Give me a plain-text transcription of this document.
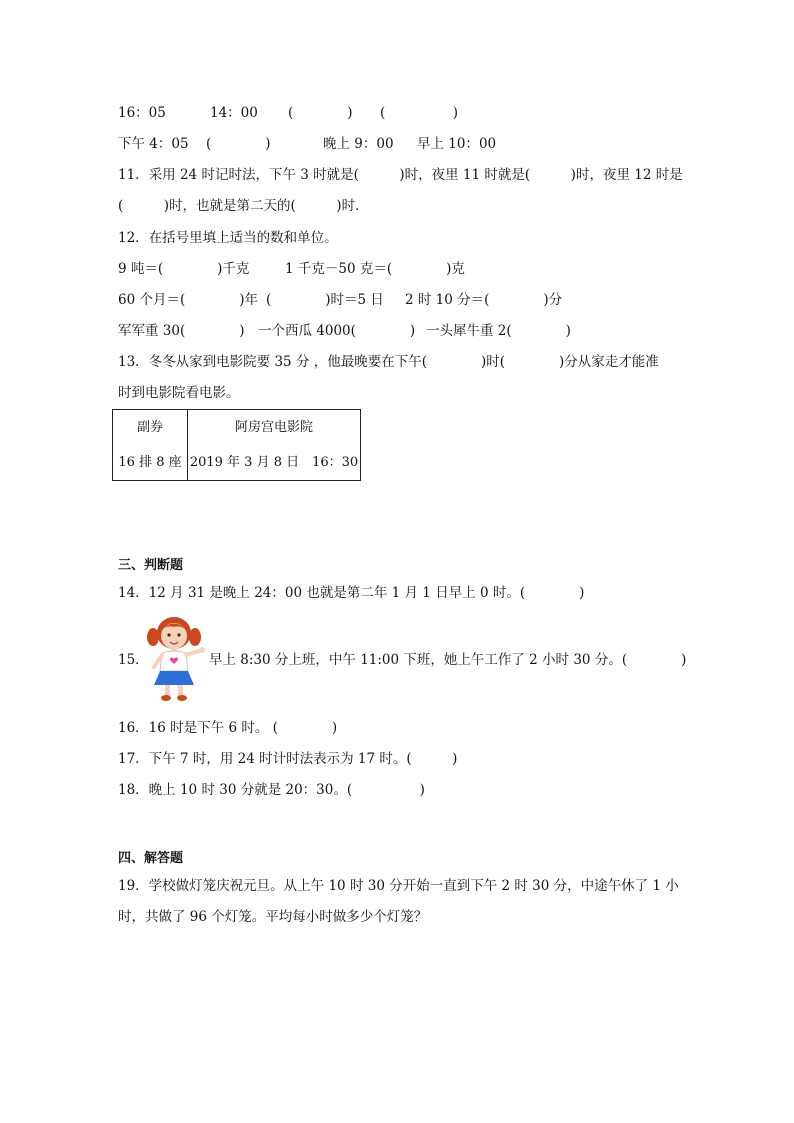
16：05	14：00 (　　　　) (　　　　　)
下午 4：05 (　　　　)	晚上 9：00 早上 10：00
11．采用 24 时记时法，下午 3 时就是(　　　)时，夜里 11 时就是(　　　)时，夜里 12 时是
(　　　)时，也就是第二天的(　　　)时．
12．在括号里填上适当的数和单位。
9 吨＝(　　　　)千克	1 千克－50 克＝(　　　　)克
60 个月＝(　　　　)年 (　　　　)时＝5 日 2 时 10 分＝(　　　　)分
军军重 30(　　　　) 一个西瓜 4000(　　　　) 一头犀牛重 2(　　　　)
13．冬冬从家到电影院要 35 分 ，他最晚要在下午(　　　　)时(　　　　)分从家走才能准
时到电影院看电影。
副券	阿房宫电影院
16 排 8 座	2019 年 3 月 8 日　16：30
三、判断题
14．12 月 31 是晚上 24：00 也就是第二年 1 月 1 日早上 0 时。(　　　　)
15．	早上 8:30 分上班，中午 11:00 下班，她上午工作了 2 小时 30 分。(　　　　)
16．16 时是下午 6 时。 (　　　　)
17．下午 7 时，用 24 时计时法表示为 17 时。(　　　)
18．晚上 10 时 30 分就是 20：30。(　　　　　)
四、解答题
19．学校做灯笼庆祝元旦。从上午 10 时 30 分开始一直到下午 2 时 30 分，中途午休了 1 小
时，共做了 96 个灯笼。平均每小时做多少个灯笼？
